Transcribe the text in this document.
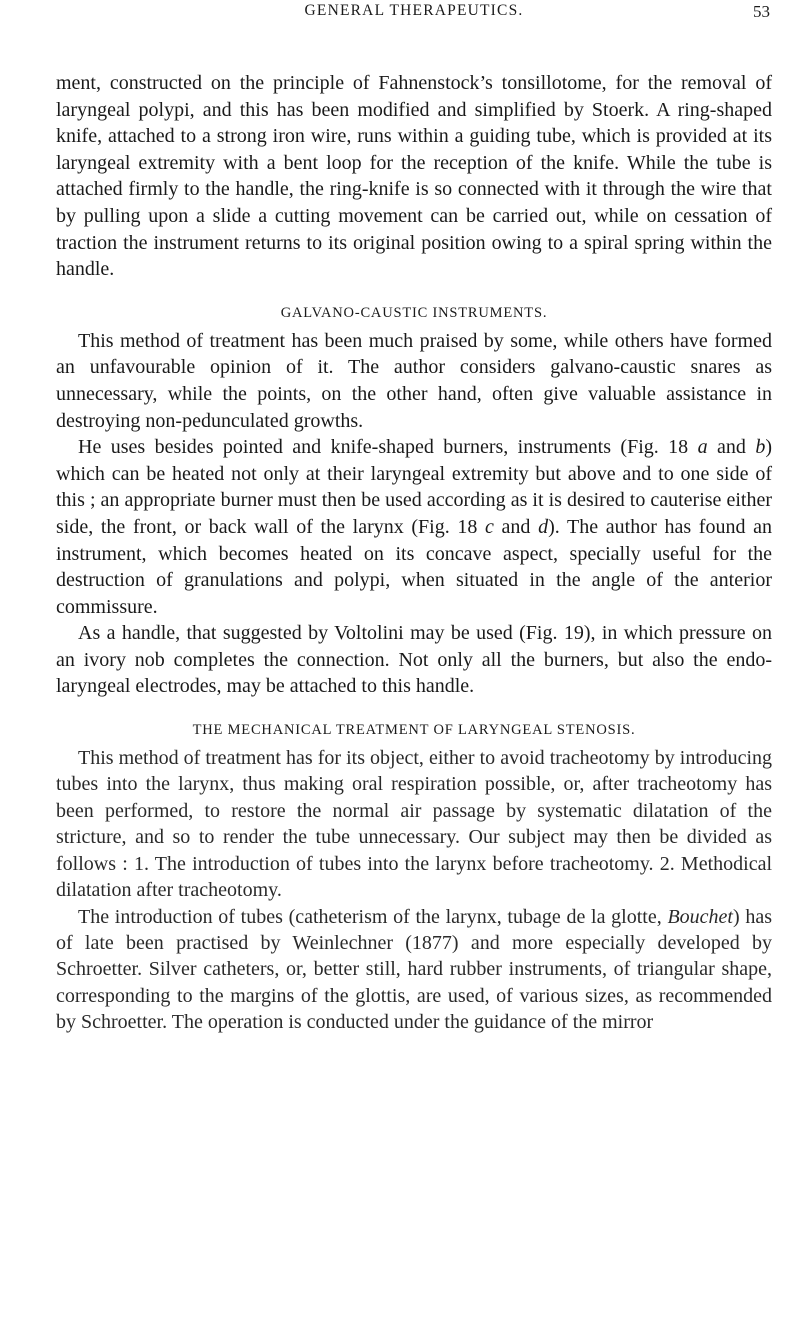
GENERAL THERAPEUTICS.	53

ment, constructed on the principle of Fahnenstock’s tonsillotome, for the removal of laryngeal polypi, and this has been modified and simplified by Stoerk. A ring-shaped knife, attached to a strong iron wire, runs within a guiding tube, which is provided at its laryngeal extremity with a bent loop for the reception of the knife. While the tube is attached firmly to the handle, the ring-knife is so connected with it through the wire that by pulling upon a slide a cutting movement can be carried out, while on cessation of traction the instrument returns to its original position owing to a spiral spring within the handle.

GALVANO-CAUSTIC INSTRUMENTS.

This method of treatment has been much praised by some, while others have formed an unfavourable opinion of it. The author considers galvano-caustic snares as unnecessary, while the points, on the other hand, often give valuable assistance in destroying non-pedunculated growths.

He uses besides pointed and knife-shaped burners, instruments (Fig. 18 a and b) which can be heated not only at their laryngeal extremity but above and to one side of this ; an appropriate burner must then be used according as it is desired to cauterise either side, the front, or back wall of the larynx (Fig. 18 c and d). The author has found an instrument, which becomes heated on its concave aspect, specially useful for the destruction of granulations and polypi, when situated in the angle of the anterior commissure.

As a handle, that suggested by Voltolini may be used (Fig. 19), in which pressure on an ivory nob completes the connection. Not only all the burners, but also the endo-laryngeal electrodes, may be attached to this handle.

THE MECHANICAL TREATMENT OF LARYNGEAL STENOSIS.

This method of treatment has for its object, either to avoid tracheotomy by introducing tubes into the larynx, thus making oral respiration possible, or, after tracheotomy has been performed, to restore the normal air passage by systematic dilatation of the stricture, and so to render the tube unnecessary. Our subject may then be divided as follows : 1. The introduction of tubes into the larynx before tracheotomy. 2. Methodical dilatation after tracheotomy.

The introduction of tubes (catheterism of the larynx, tubage de la glotte, Bouchet) has of late been practised by Weinlechner (1877) and more especially developed by Schroetter. Silver catheters, or, better still, hard rubber instruments, of triangular shape, corresponding to the margins of the glottis, are used, of various sizes, as recommended by Schroetter. The operation is conducted under the guidance of the mirror
